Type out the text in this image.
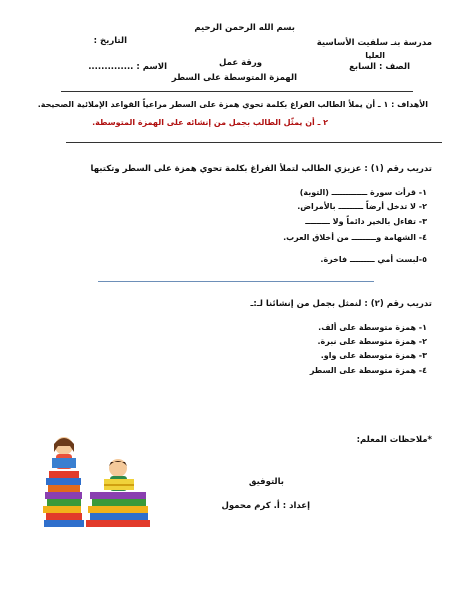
بسم الله الرحمن الرحيم
مدرسة بنـ سلفيت الأساسية
العليا
التاريخ :
الصف : السابع
ورقة عمل
الاسم : ..............
الهمزة المتوسطة على السطر
الأهداف : ١ ـ أن يملأ الطالب الفراغ بكلمة تحوي همزة على السطر مراعياً القواعد الإملائية الصحيحة.
٢ ـ أن يمثّل الطالب بجمل من إنشائه على الهمزة المتوسطة.
تدريب رقم (١) : عزيزي الطالب لتملأ الفراغ بكلمة تحوي همزة على السطر وتكتبها
١- قرأت سورة ـــــــــــــ (التوبة)
٢- لا تدخل أرضاً ـــــــــ بالأمراض.
٣- تفاءل بالخير دائماً ولا ـــــــــ
٤- الشهامة وـــــــــ من أخلاق العرب.
٥-لبست أمي ـــــــــ فاخرة.
تدريب رقم (٢) : لنمثل بجمل من إنشائنا لـ:ـ
١- همزة متوسطة على ألف.
٢- همزة متوسطة على نبرة.
٣- همزة متوسطة على واو.
٤- همزة متوسطة على السطر
*ملاحظات المعلم:
بالتوفيق
إعداد : أ. كرم محمول
